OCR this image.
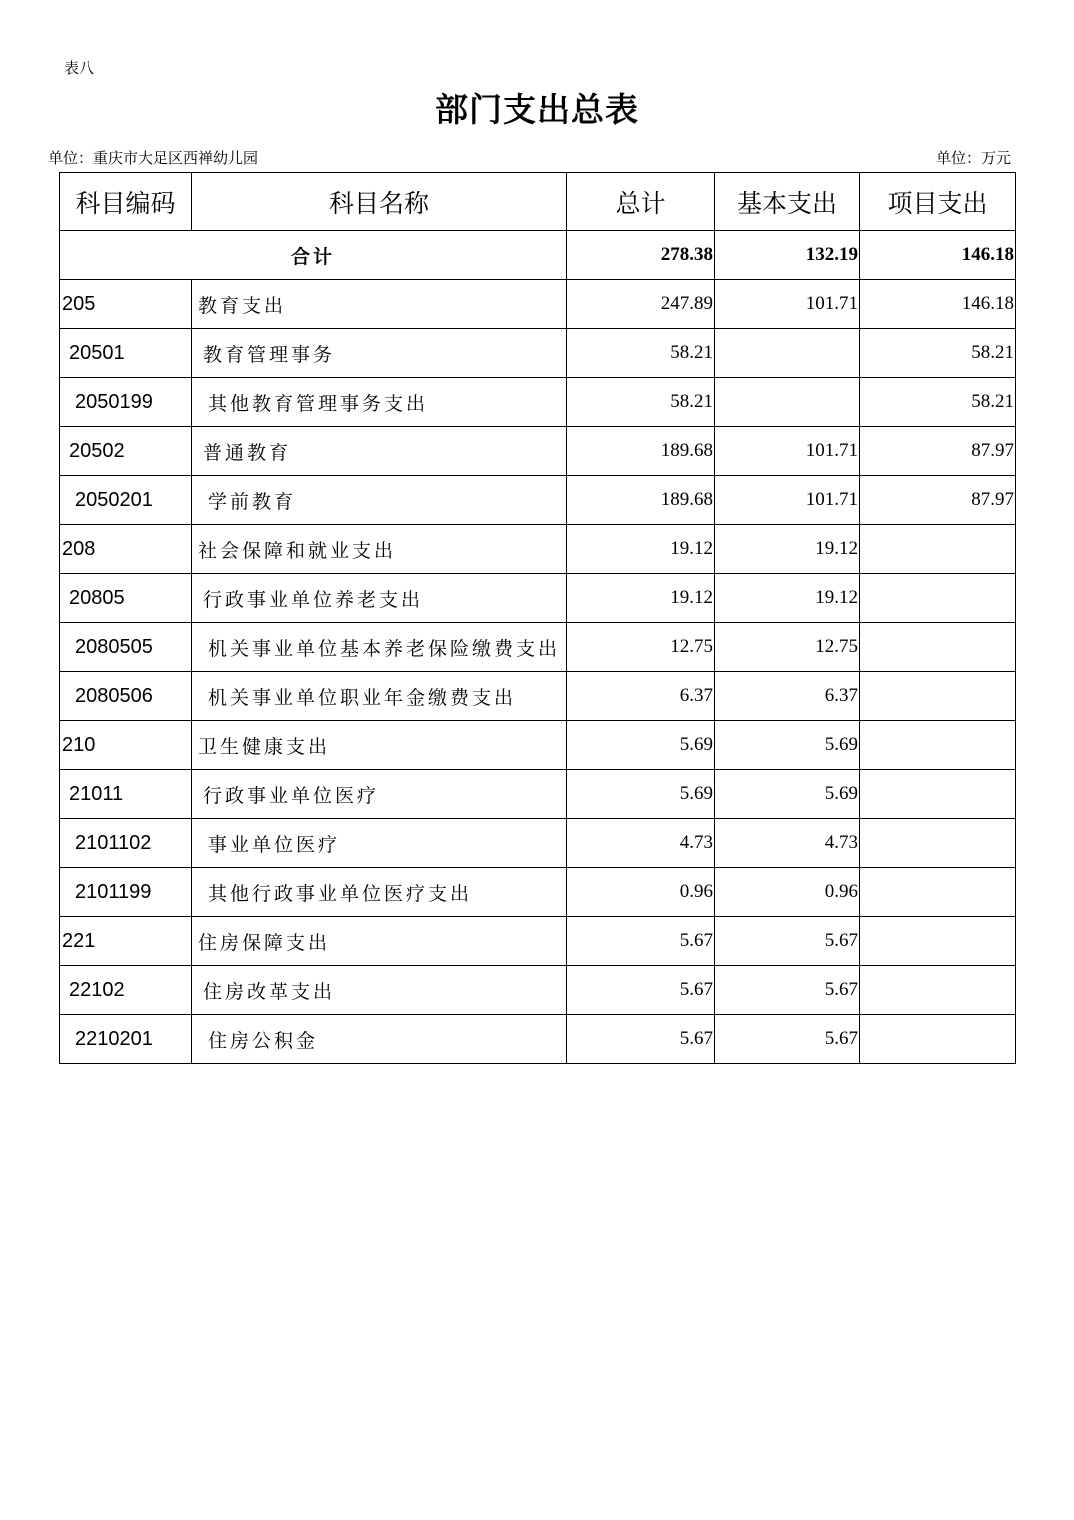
表八
部门支出总表
单位：重庆市大足区西禅幼儿园	单位：万元
科目编码	科目名称	总计	基本支出	项目支出
合计		278.38	132.19	146.18
205	教育支出	247.89	101.71	146.18
20501	教育管理事务	58.21		58.21
2050199	其他教育管理事务支出	58.21		58.21
20502	普通教育	189.68	101.71	87.97
2050201	学前教育	189.68	101.71	87.97
208	社会保障和就业支出	19.12	19.12	
20805	行政事业单位养老支出	19.12	19.12	
2080505	机关事业单位基本养老保险缴费支出	12.75	12.75	
2080506	机关事业单位职业年金缴费支出	6.37	6.37	
210	卫生健康支出	5.69	5.69	
21011	行政事业单位医疗	5.69	5.69	
2101102	事业单位医疗	4.73	4.73	
2101199	其他行政事业单位医疗支出	0.96	0.96	
221	住房保障支出	5.67	5.67	
22102	住房改革支出	5.67	5.67	
2210201	住房公积金	5.67	5.67	
